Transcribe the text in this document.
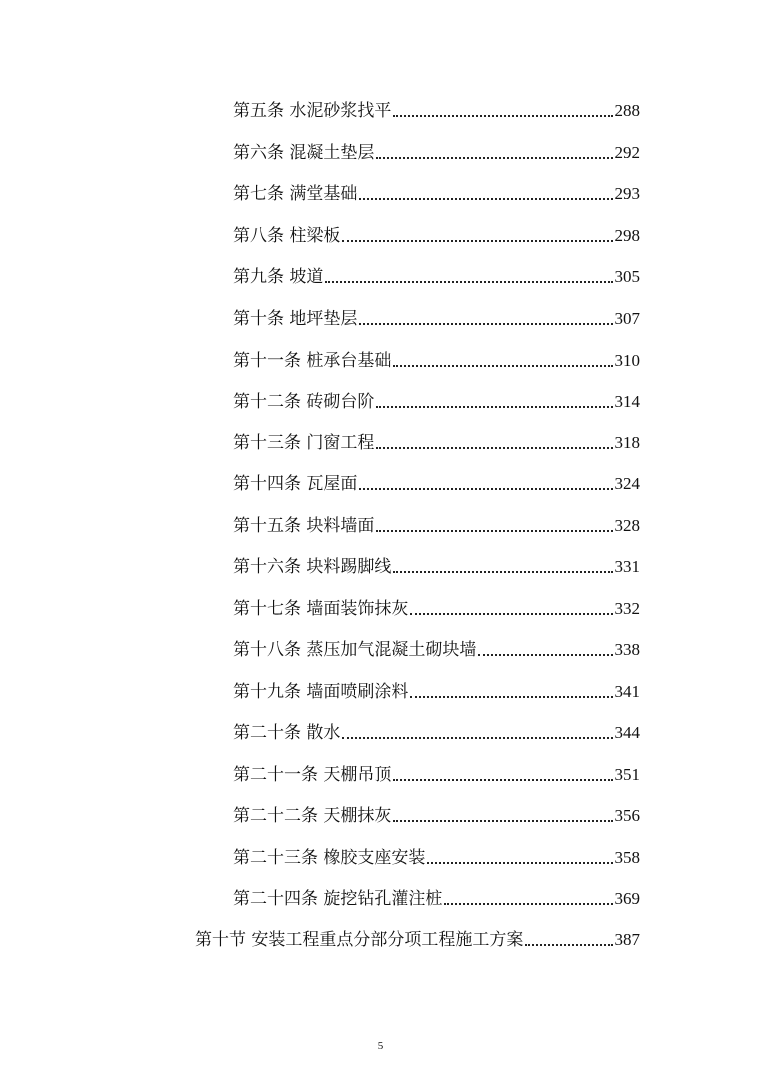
第五条 水泥砂浆找平	288
第六条 混凝土垫层	292
第七条 满堂基础	293
第八条 柱梁板	298
第九条 坡道	305
第十条 地坪垫层	307
第十一条 桩承台基础	310
第十二条 砖砌台阶	314
第十三条 门窗工程	318
第十四条 瓦屋面	324
第十五条 块料墙面	328
第十六条 块料踢脚线	331
第十七条 墙面装饰抹灰	332
第十八条 蒸压加气混凝土砌块墙	338
第十九条 墙面喷刷涂料	341
第二十条 散水	344
第二十一条 天棚吊顶	351
第二十二条 天棚抹灰	356
第二十三条 橡胶支座安装	358
第二十四条 旋挖钻孔灌注桩	369
第十节 安装工程重点分部分项工程施工方案	387
5
